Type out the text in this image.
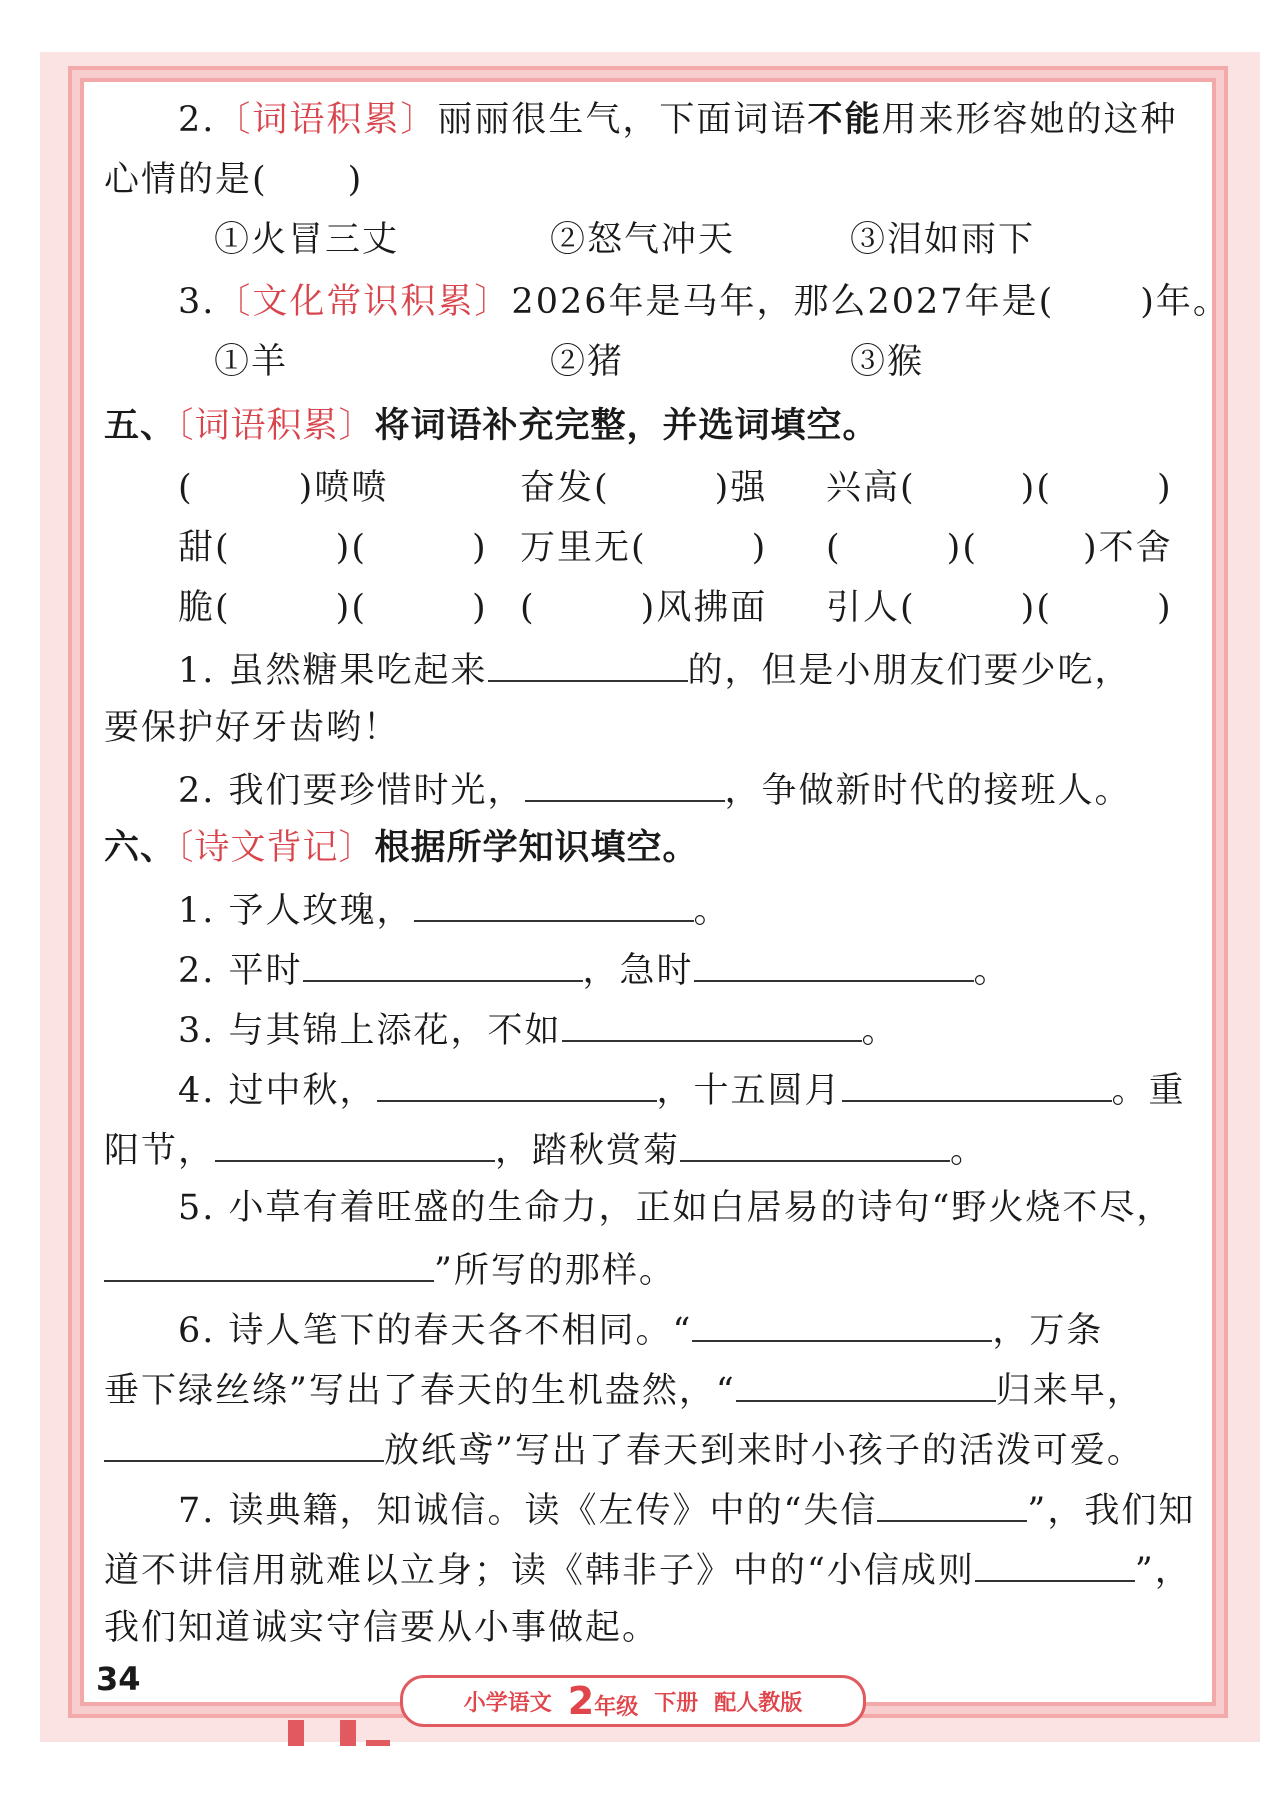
2.〔词语积累〕丽丽很生气，下面词语不能用来形容她的这种
心情的是( )
①火冒三丈	②怒气冲天	③泪如雨下
3.〔文化常识积累〕2026年是马年，那么2027年是( )年。
①羊	②猪	③猴
五、〔词语积累〕将词语补充完整，并选词填空。
(        )喷喷	奋发(        )强 兴高(        )(        )
甜(        )(        ) 万里无(        ) (        )(        )不舍
脆(        )(        ) (        )风拂面 引人(        )(        )
1. 虽然糖果吃起来	的，但是小朋友们要少吃，
要保护好牙齿哟！
2. 我们要珍惜时光，	，争做新时代的接班人。
六、〔诗文背记〕根据所学知识填空。
1. 予人玫瑰，	。
2. 平时	，急时	。
3. 与其锦上添花，不如	。
4. 过中秋，	，十五圆月	。重
阳节，	，踏秋赏菊	。
5. 小草有着旺盛的生命力，正如白居易的诗句“野火烧不尽，
”所写的那样。
6. 诗人笔下的春天各不相同。“	，万条
垂下绿丝绦”写出了春天的生机盎然，“	归来早，
放纸鸢”写出了春天到来时小孩子的活泼可爱。
7. 读典籍，知诚信。读《左传》中的“失信	”，我们知
道不讲信用就难以立身；读《韩非子》中的“小信成则	”，
我们知道诚实守信要从小事做起。
34
小学语文 2年级 下册 配人教版
